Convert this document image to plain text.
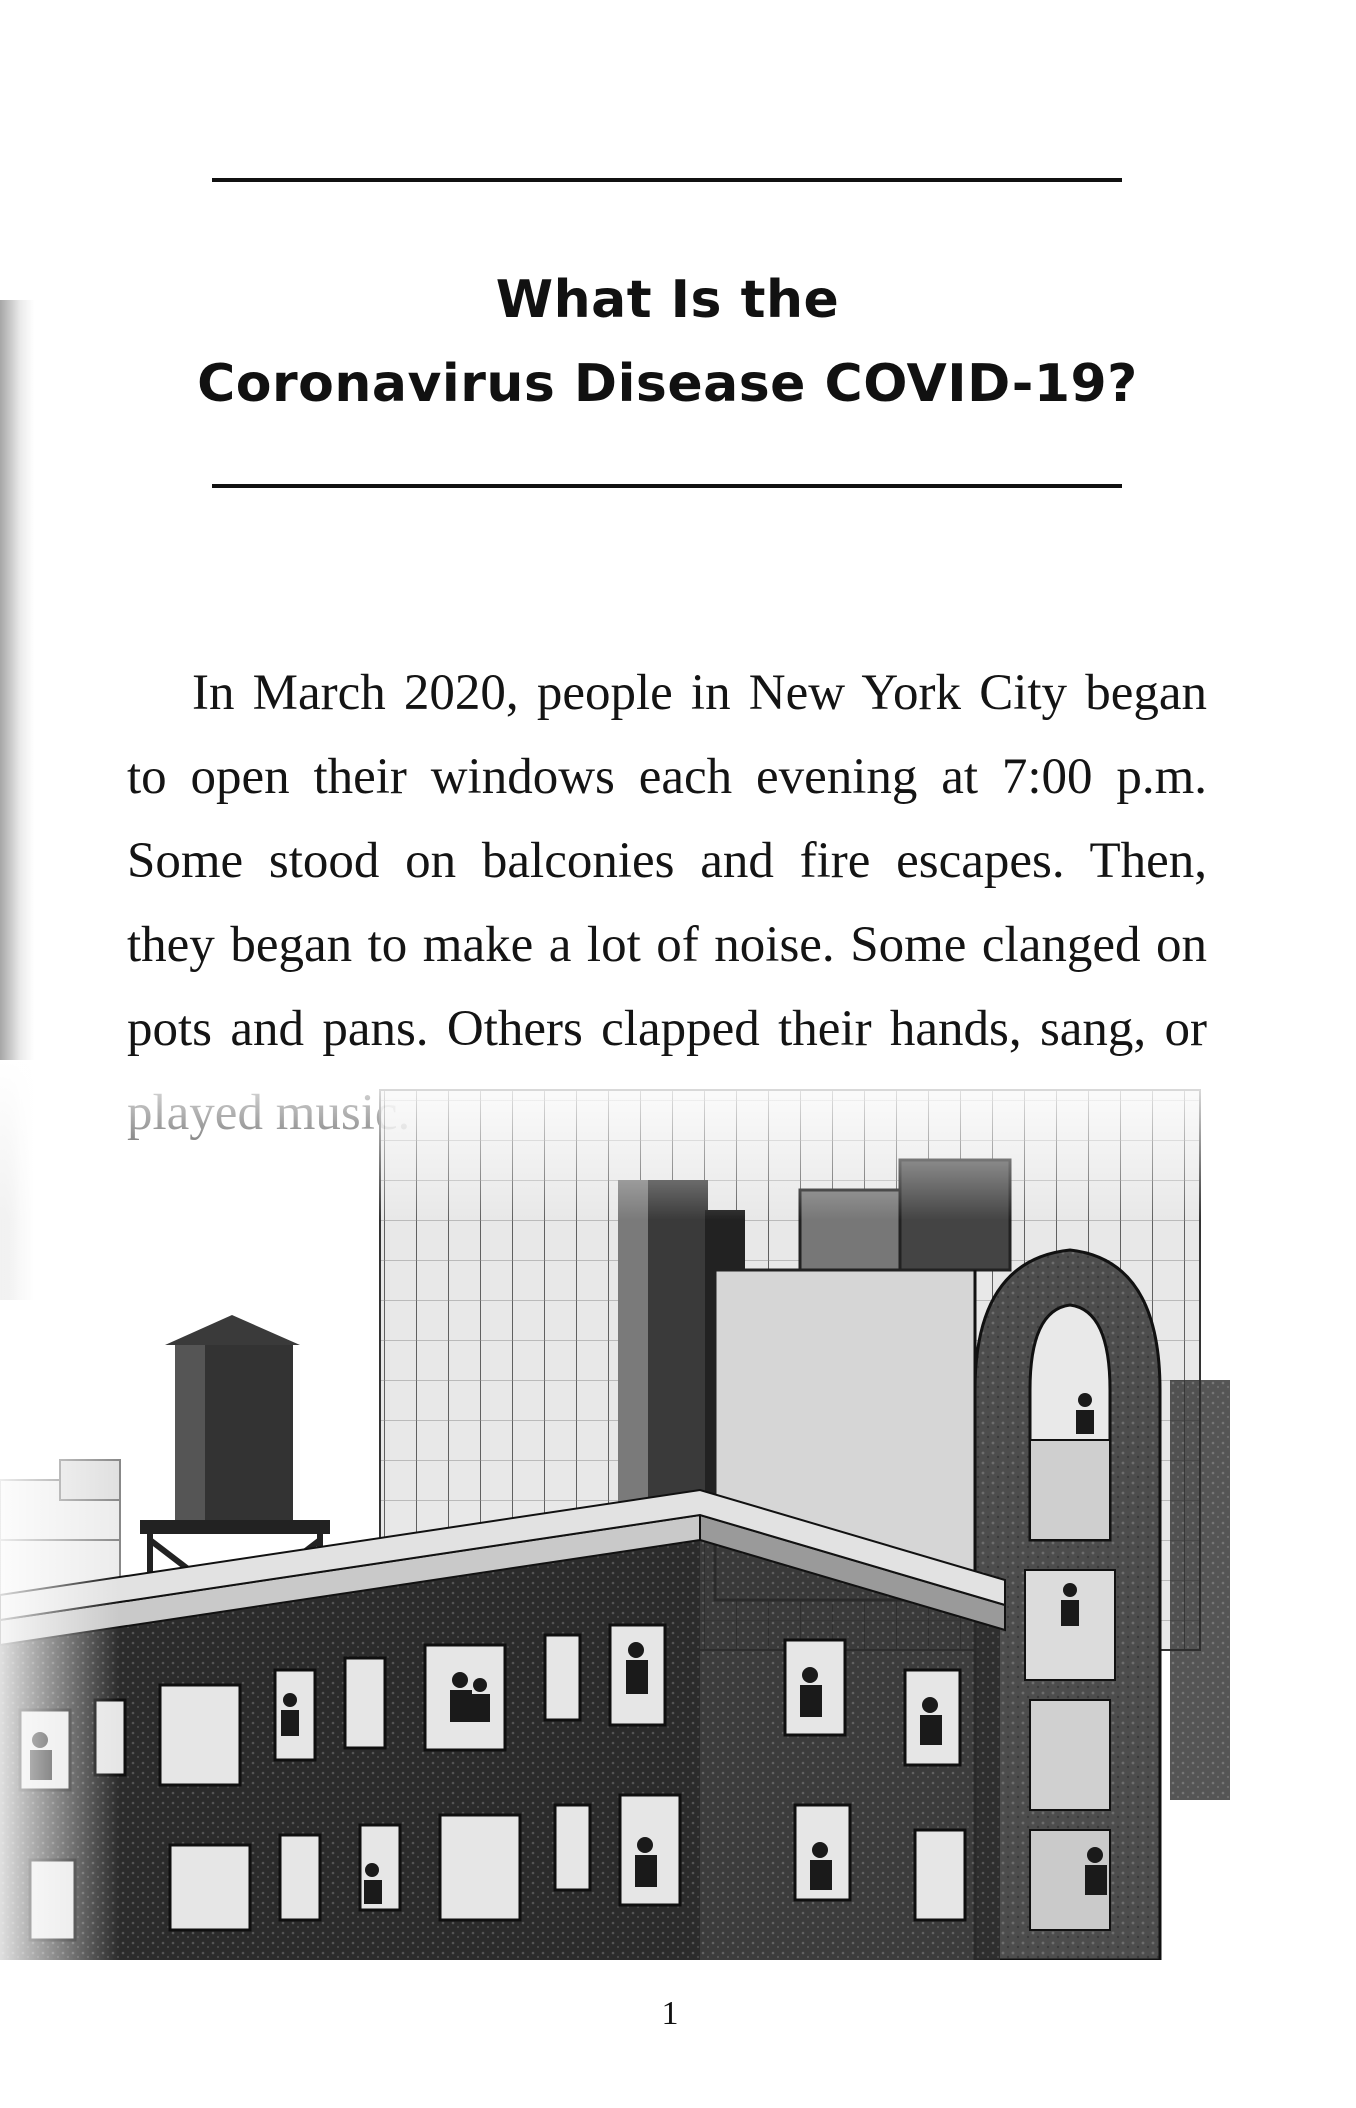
What Is the
Coronavirus Disease COVID-19?

In March 2020, people in New York City began to open their windows each evening at 7:00 p.m. Some stood on balconies and fire escapes. Then, they began to make a lot of noise. Some clanged on pots and pans. Others clapped their hands, sang, or

1
